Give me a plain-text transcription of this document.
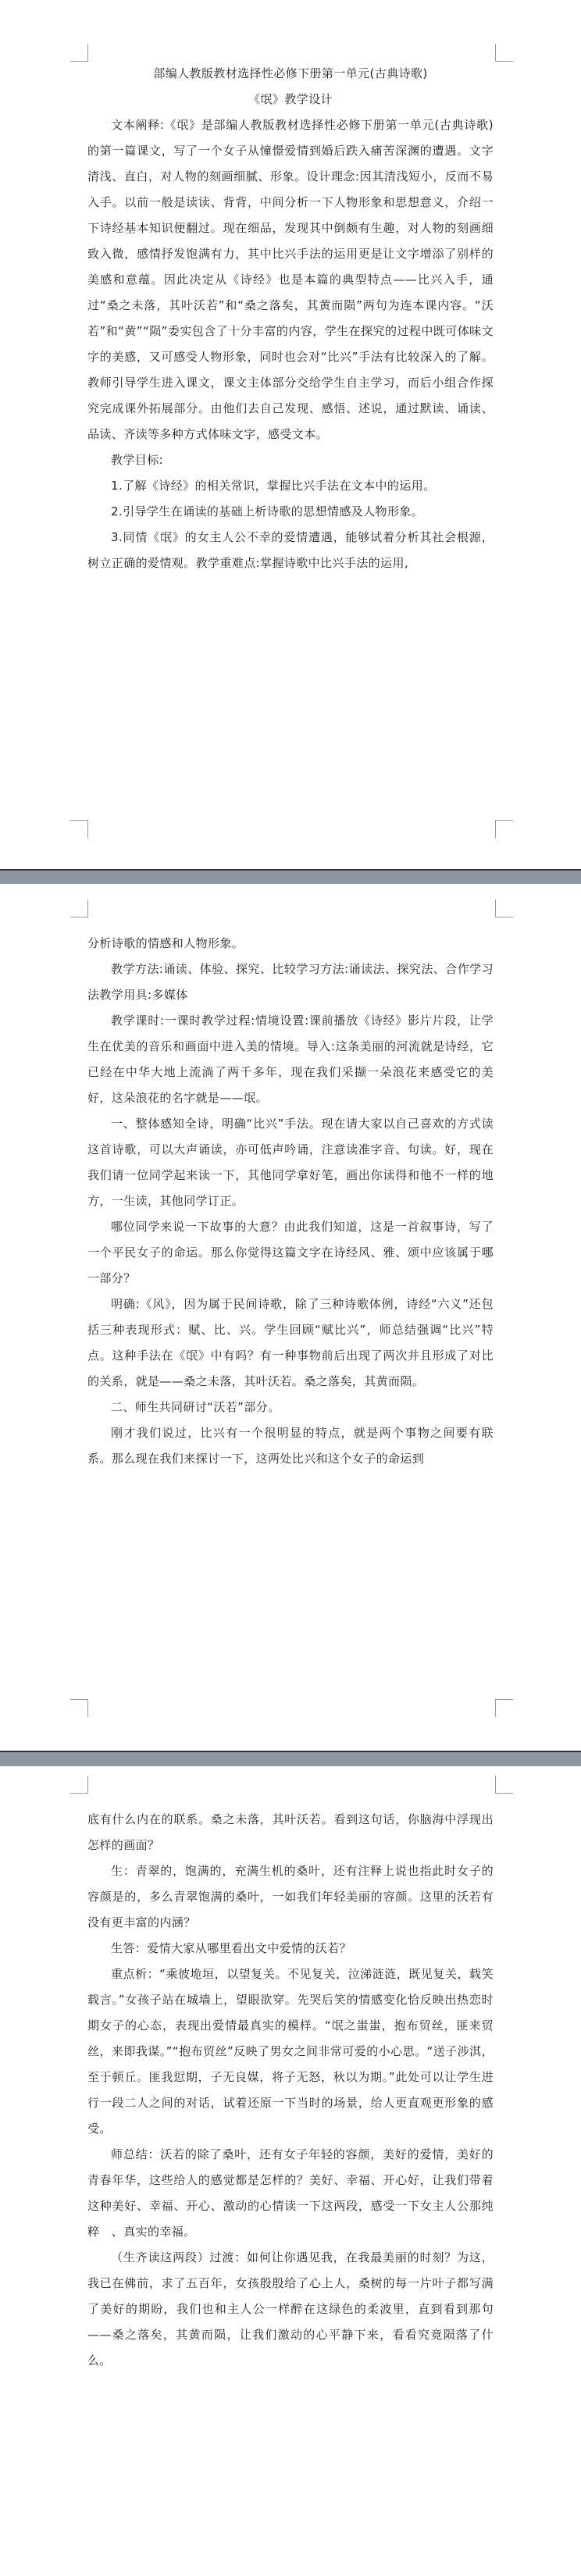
部编人教版教材选择性必修下册第一单元(古典诗歌)

《氓》教学设计

文本阐释:《氓》是部编人教版教材选择性必修下册第一单元(古典诗歌)的第一篇课文，写了一个女子从憧憬爱情到婚后跌入痛苦深渊的遭遇。文字清浅、直白，对人物的刻画细腻、形象。设计理念:因其清浅短小，反而不易入手。以前一般是读读、背背，中间分析一下人物形象和思想意义，介绍一下诗经基本知识便翻过。现在细品，发现其中倒颇有生趣，对人物的刻画细致入微，感情抒发饱满有力，其中比兴手法的运用更是让文字增添了别样的美感和意蕴。因此决定从《诗经》也是本篇的典型特点——比兴入手，通过“桑之未落，其叶沃若”和“桑之落矣，其黄而陨”两句为连本课内容。“沃若”和“黄”“陨”委实包含了十分丰富的内容，学生在探究的过程中既可体味文字的美感，又可感受人物形象，同时也会对“比兴”手法有比较深入的了解。教师引导学生进入课文，课文主体部分交给学生自主学习，而后小组合作探究完成课外拓展部分。由他们去自己发现、感悟、述说，通过默读、诵读、品读、齐读等多种方式体味文字，感受文本。

教学目标:

1.了解《诗经》的相关常识，掌握比兴手法在文本中的运用。

2.引导学生在诵读的基础上析诗歌的思想情感及人物形象。

3.同情《氓》的女主人公不幸的爱情遭遇，能够试着分析其社会根源，树立正确的爱情观。教学重难点:掌握诗歌中比兴手法的运用,

分析诗歌的情感和人物形象。

教学方法:诵读、体验、探究、比较学习方法:诵读法、探究法、合作学习法教学用具:多媒体

教学课时:一课时教学过程:情境设置:课前播放《诗经》影片片段，让学生在优美的音乐和画面中进入美的情境。导入:这条美丽的河流就是诗经，它已经在中华大地上流淌了两千多年，现在我们采撷一朵浪花来感受它的美好，这朵浪花的名字就是——氓。

一、整体感知全诗，明确“比兴”手法。现在请大家以自己喜欢的方式读这首诗歌，可以大声诵读，亦可低声吟诵，注意读准字音、句读。好，现在我们请一位同学起来读一下，其他同学拿好笔，画出你读得和他不一样的地方，一生读，其他同学订正。

哪位同学来说一下故事的大意？由此我们知道，这是一首叙事诗，写了一个平民女子的命运。那么你觉得这篇文字在诗经风、雅、颂中应该属于哪一部分？

明确:《风》，因为属于民间诗歌，除了三种诗歌体例，诗经“六义”还包括三种表现形式：赋、比、兴。学生回顾“赋比兴”，师总结强调“比兴”特点。这种手法在《氓》中有吗？有一种事物前后出现了两次并且形成了对比的关系，就是——桑之未落，其叶沃若。桑之落矣，其黄而陨。

二、师生共同研讨“沃若”部分。

刚才我们说过，比兴有一个很明显的特点，就是两个事物之间要有联系。那么现在我们来探讨一下，这两处比兴和这个女子的命运到

底有什么内在的联系。桑之未落，其叶沃若。看到这句话，你脑海中浮现出怎样的画面？

生：青翠的，饱满的，充满生机的桑叶，还有注释上说也指此时女子的容颜是的，多么青翠饱满的桑叶，一如我们年轻美丽的容颜。这里的沃若有没有更丰富的内涵？

生答：爱情大家从哪里看出文中爱情的沃若？

重点析：“乘彼垝垣，以望复关。不见复关，泣涕涟涟，既见复关，载笑载言。”女孩子站在城墙上，望眼欲穿。先哭后笑的情感变化恰反映出热恋时期女子的心态，表现出爱情最真实的模样。“氓之蚩蚩，抱布贸丝，匪来贸丝，来即我谋。”“抱布贸丝”反映了男女之间非常可爱的小心思。“送子涉淇，至于顿丘。匪我愆期，子无良媒，将子无怒，秋以为期。”此处可以让学生进行一段二人之间的对话，试着还原一下当时的场景，给人更直观更形象的感受。

师总结：沃若的除了桑叶，还有女子年轻的容颜，美好的爱情，美好的青春年华，这些给人的感觉都是怎样的？美好、幸福、开心好，让我们带着这种美好、幸福、开心、激动的心情读一下这两段，感受一下女主人公那纯粹　、真实的幸福。

（生齐读这两段）过渡：如何让你遇见我，在我最美丽的时刻？为这，我已在佛前，求了五百年，女孩殷殷给了心上人，桑树的每一片叶子都写满了美好的期盼，我们也和主人公一样醉在这绿色的柔波里，直到看到那句——桑之落矣，其黄而陨，让我们激动的心平静下来，看看究竟陨落了什么。
